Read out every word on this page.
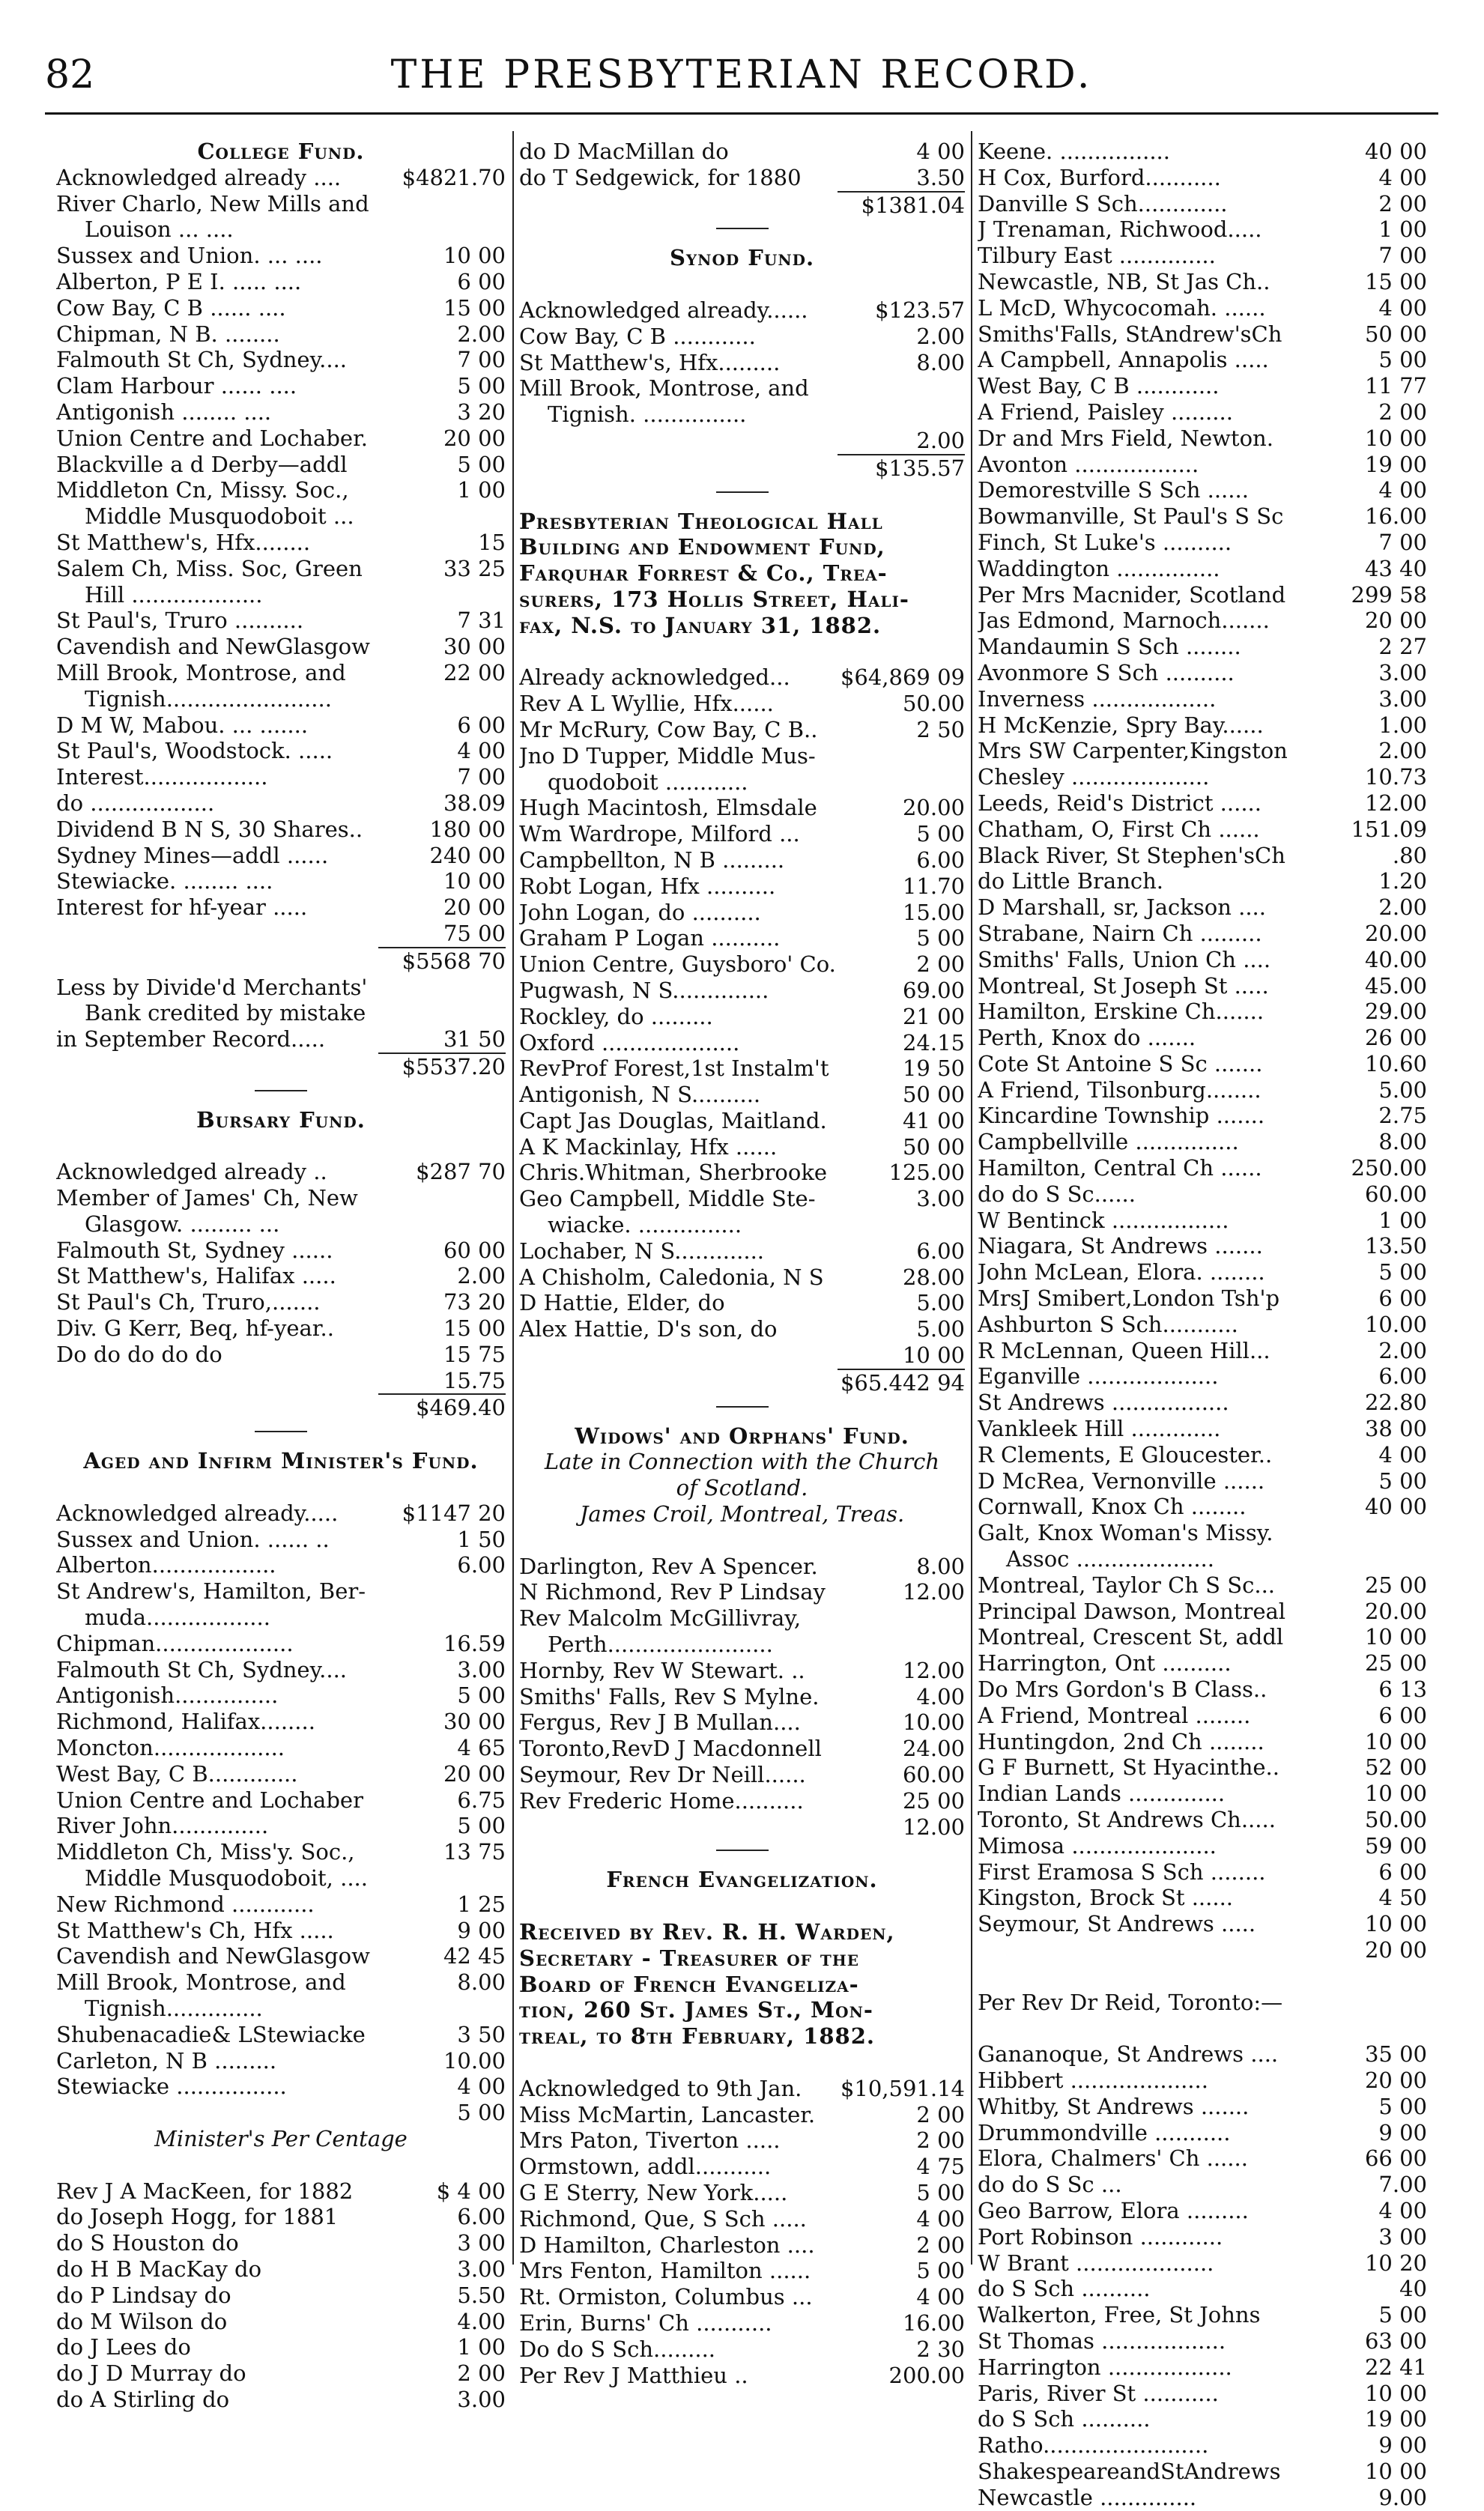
82	THE PRESBYTERIAN RECORD.
College Fund.
Acknowledged already ....	$4821.70
River Charlo, New Mills and
Louison ... ....
Sussex and Union. ... ....	10 00
Alberton, P E I. ..... ....	6 00
Cow Bay, C B ...... ....	15 00
Chipman, N B. ........	2.00
Falmouth St Ch, Sydney....	7 00
Clam Harbour ...... ....	5 00
Antigonish ........ ....	3 20
Union Centre and Lochaber.	20 00
Blackville a d Derby—addl	5 00
Middleton Cn, Missy. Soc.,	1 00
Middle Musquodoboit ...
St Matthew's, Hfx........	15
Salem Ch, Miss. Soc, Green	33 25
Hill ...................
St Paul's, Truro ..........	7 31
Cavendish and NewGlasgow	30 00
Mill Brook, Montrose, and	22 00
Tignish........................
D M W, Mabou. ... .......	6 00
St Paul's, Woodstock. .....	4 00
Interest..................	7 00
do ..................	38.09
Dividend B N S, 30 Shares..	180 00
Sydney Mines—addl ......	240 00
Stewiacke. ........ ....	10 00
Interest for hf-year .....	20 00
75 00
$5568 70
Less by Divide'd Merchants'
Bank credited by mistake
in September Record.....	31 50
$5537.20
Bursary Fund.
Acknowledged already ..	$287 70
Member of James' Ch, New
Glasgow. ......... ...
Falmouth St, Sydney ......	60 00
St Matthew's, Halifax .....	2.00
St Paul's Ch, Truro,.......	73 20
Div. G Kerr, Beq, hf-year..	15 00
Do do do do do	15 75
15.75
$469.40
Aged and Infirm Minister's Fund.
Acknowledged already.....	$1147 20
Sussex and Union. ...... ..	1 50
Alberton..................	6.00
St Andrew's, Hamilton, Ber-
muda..................
Chipman....................	16.59
Falmouth St Ch, Sydney....	3.00
Antigonish...............	5 00
Richmond, Halifax........	30 00
Moncton...................	4 65
West Bay, C B.............	20 00
Union Centre and Lochaber	6.75
River John..............	5 00
Middleton Ch, Miss'y. Soc.,	13 75
Middle Musquodoboit, ....
New Richmond ............	1 25
St Matthew's Ch, Hfx .....	9 00
Cavendish and NewGlasgow	42 45
Mill Brook, Montrose, and	8.00
Tignish..............
Shubenacadie& LStewiacke	3 50
Carleton, N B .........	10.00
Stewiacke ................	4 00
5 00
Minister's Per Centage
Rev J A MacKeen, for 1882	$ 4 00
do Joseph Hogg, for 1881	6.00
do S Houston do	3 00
do H B MacKay do	3.00
do P Lindsay do	5.50
do M Wilson do	4.00
do J Lees do	1 00
do J D Murray do	2 00
do A Stirling do	3.00
do D MacMillan do	4 00
do T Sedgewick, for 1880	3.50
$1381.04
Synod Fund.
Acknowledged already......	$123.57
Cow Bay, C B ............	2.00
St Matthew's, Hfx.........	8.00
Mill Brook, Montrose, and
Tignish. ...............
2.00
$135.57
Presbyterian Theological Hall
Building and Endowment Fund,
Farquhar Forrest & Co., Trea-
surers, 173 Hollis Street, Hali-
fax, N.S. to January 31, 1882.
Already acknowledged... $64,869 09
Rev A L Wyllie, Hfx......	50.00
Mr McRury, Cow Bay, C B..	2 50
Jno D Tupper, Middle Mus-
quodoboit ............
Hugh Macintosh, Elmsdale	20.00
Wm Wardrope, Milford ...	5 00
Campbellton, N B .........	6.00
Robt Logan, Hfx ..........	11.70
John Logan, do ..........	15.00
Graham P Logan ..........	5 00
Union Centre, Guysboro' Co.	2 00
Pugwash, N S..............	69.00
Rockley, do .........	21 00
Oxford ....................	24.15
RevProf Forest,1st Instalm't	19 50
Antigonish, N S..........	50 00
Capt Jas Douglas, Maitland.	41 00
A K Mackinlay, Hfx ......	50 00
Chris.Whitman, Sherbrooke	125.00
Geo Campbell, Middle Ste-	3.00
wiacke. ...............
Lochaber, N S.............	6.00
A Chisholm, Caledonia, N S	28.00
D Hattie, Elder, do	5.00
Alex Hattie, D's son, do	5.00
10 00
$65.442 94
Widows' and Orphans' Fund.
Late in Connection with the Church
of Scotland.
James Croil, Montreal, Treas.
Darlington, Rev A Spencer.	8.00
N Richmond, Rev P Lindsay	12.00
Rev Malcolm McGillivray,
Perth........................
Hornby, Rev W Stewart. ..	12.00
Smiths' Falls, Rev S Mylne.	4.00
Fergus, Rev J B Mullan....	10.00
Toronto,RevD J Macdonnell	24.00
Seymour, Rev Dr Neill......	60.00
Rev Frederic Home..........	25 00
12.00
French Evangelization.
Received by Rev. R. H. Warden,
Secretary - Treasurer of the
Board of French Evangeliza-
tion, 260 St. James St., Mon-
treal, to 8th February, 1882.
Acknowledged to 9th Jan. $10,591.14
Miss McMartin, Lancaster.	2 00
Mrs Paton, Tiverton .....	2 00
Ormstown, addl...........	4 75
G E Sterry, New York.....	5 00
Richmond, Que, S Sch .....	4 00
D Hamilton, Charleston ....	2 00
Mrs Fenton, Hamilton ......	5 00
Rt. Ormiston, Columbus ...	4 00
Erin, Burns' Ch ...........	16.00
Do do S Sch.........	2 30
Per Rev J Matthieu ..	200.00
Keene. ................	40 00
H Cox, Burford...........	4 00
Danville S Sch.............	2 00
J Trenaman, Richwood.....	1 00
Tilbury East ..............	7 00
Newcastle, NB, St Jas Ch..	15 00
L McD, Whycocomah. ......	4 00
Smiths'Falls, StAndrew'sCh	50 00
A Campbell, Annapolis .....	5 00
West Bay, C B ............	11 77
A Friend, Paisley .........	2 00
Dr and Mrs Field, Newton.	10 00
Avonton ..................	19 00
Demorestville S Sch ......	4 00
Bowmanville, St Paul's S Sc	16.00
Finch, St Luke's ..........	7 00
Waddington ...............	43 40
Per Mrs Macnider, Scotland	299 58
Jas Edmond, Marnoch.......	20 00
Mandaumin S Sch ........	2 27
Avonmore S Sch ..........	3.00
Inverness ..................	3.00
H McKenzie, Spry Bay......	1.00
Mrs SW Carpenter,Kingston	2.00
Chesley ....................	10.73
Leeds, Reid's District ......	12.00
Chatham, O, First Ch ......	151.09
Black River, St Stephen'sCh	.80
do Little Branch.	1.20
D Marshall, sr, Jackson ....	2.00
Strabane, Nairn Ch .........	20.00
Smiths' Falls, Union Ch ....	40.00
Montreal, St Joseph St .....	45.00
Hamilton, Erskine Ch.......	29.00
Perth, Knox do .......	26 00
Cote St Antoine S Sc .......	10.60
A Friend, Tilsonburg........	5.00
Kincardine Township .......	2.75
Campbellville ...............	8.00
Hamilton, Central Ch ......	250.00
do do S Sc......	60.00
W Bentinck .................	1 00
Niagara, St Andrews .......	13.50
John McLean, Elora. ........	5 00
MrsJ Smibert,London Tsh'p	6 00
Ashburton S Sch...........	10.00
R McLennan, Queen Hill...	2.00
Eganville ...................	6.00
St Andrews .................	22.80
Vankleek Hill .............	38 00
R Clements, E Gloucester..	4 00
D McRea, Vernonville ......	5 00
Cornwall, Knox Ch ........	40 00
Galt, Knox Woman's Missy.
Assoc ....................
Montreal, Taylor Ch S Sc...	25 00
Principal Dawson, Montreal	20.00
Montreal, Crescent St, addl	10 00
Harrington, Ont ..........	25 00
Do Mrs Gordon's B Class..	6 13
A Friend, Montreal ........	6 00
Huntingdon, 2nd Ch ........	10 00
G F Burnett, St Hyacinthe..	52 00
Indian Lands ..............	10 00
Toronto, St Andrews Ch.....	50.00
Mimosa .....................	59 00
First Eramosa S Sch ........	6 00
Kingston, Brock St ......	4 50
Seymour, St Andrews .....	10 00
20 00
Per Rev Dr Reid, Toronto:—
Gananoque, St Andrews ....	35 00
Hibbert ....................	20 00
Whitby, St Andrews .......	5 00
Drummondville ...........	9 00
Elora, Chalmers' Ch ......	66 00
do do S Sc ...	7.00
Geo Barrow, Elora .........	4 00
Port Robinson ............	3 00
W Brant ....................	10 20
do S Sch ..........	40
Walkerton, Free, St Johns	5 00
St Thomas ..................	63 00
Harrington ..................	22 41
Paris, River St ...........	10 00
do S Sch ..........	19 00
Ratho........................	9 00
ShakespeareandStAndrews	10 00
Newcastle ..............	9.00
